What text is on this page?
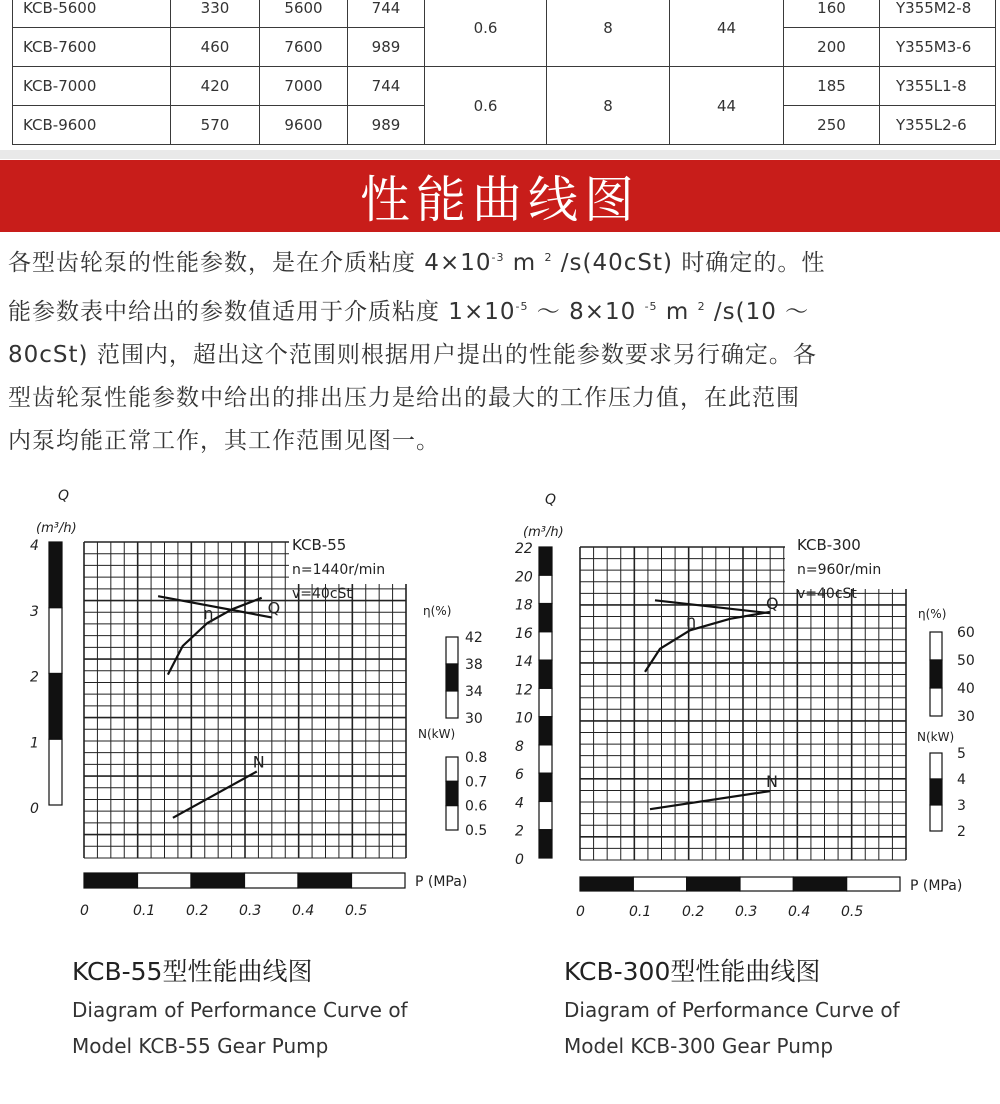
KCB-5600	330	5600	744	0.6	8	44	160	Y355M2-8
KCB-7600	460	7600	989				200	Y355M3-6
KCB-7000	420	7000	744	0.6	8	44	185	Y355L1-8
KCB-9600	570	9600	989				250	Y355L2-6
性能曲线图
各型齿轮泵的性能参数，是在介质粘度 $4\times 10^{-3}$ m $^2$ /s(40cSt) 时确定的。性
能参数表中给出的参数值适用于介质粘度 $1\times 10^{-5}$ ～ 8×10 $^{-5}$ m $^2$ /s(10 ～
80cSt) 范围内，超出这个范围则根据用户提出的性能参数要求另行确定。各
型齿轮泵性能参数中给出的排出压力是给出的最大的工作压力值，在此范围
内泵均能正常工作，其工作范围见图一。
4
3
2
1
0
Q
(m³/h)
42
38
34
30
η(%)
0.8
0.7
0.6
0.5
N(kW)
P (MPa)
0	0.1 0.2 0.3 0.4 0.5
KCB-55
n=1440r/min
v=40cSt
Q
η
N
KCB-55型性能曲线图
Diagram of Performance Curve of
Model KCB-55 Gear Pump
22
20
18
16
14
12
10
8
6
4
2
0
Q
(m³/h)
60
50
40
30
η(%)
5
4
3
2
N(kW)
P (MPa)
0	0.1 0.2 0.3 0.4 0.5
KCB-300
n=960r/min
v=40cSt
Q
η
N
KCB-300型性能曲线图
Diagram of Performance Curve of
Model KCB-300 Gear Pump
